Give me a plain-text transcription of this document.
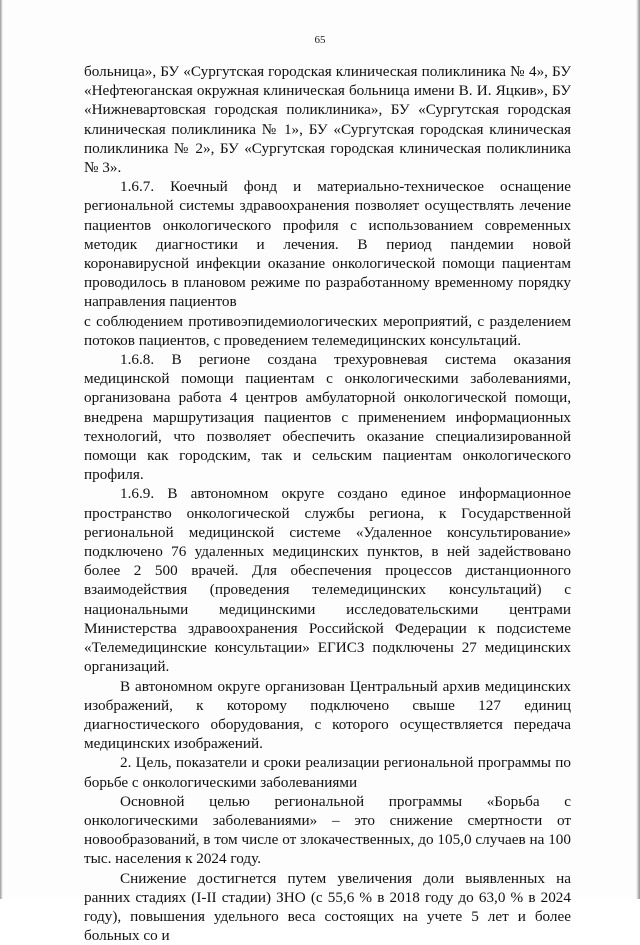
65

больница», БУ «Сургутская городская клиническая поликлиника № 4», БУ «Нефтеюганская окружная клиническая больница имени В. И. Яцкив», БУ «Нижневартовская городская поликлиника», БУ «Сургутская городская клиническая поликлиника № 1», БУ «Сургутская городская клиническая поликлиника № 2», БУ «Сургутская городская клиническая поликлиника № 3».

1.6.7. Коечный фонд и материально-техническое оснащение региональной системы здравоохранения позволяет осуществлять лечение пациентов онкологического профиля с использованием современных методик диагностики и лечения. В период пандемии новой коронавирусной инфекции оказание онкологической помощи пациентам проводилось в плановом режиме по разработанному временному порядку направления пациентов

с соблюдением противоэпидемиологических мероприятий, с разделением потоков пациентов, с проведением телемедицинских консультаций.

1.6.8. В регионе создана трехуровневая система оказания медицинской помощи пациентам с онкологическими заболеваниями, организована работа 4 центров амбулаторной онкологической помощи, внедрена маршрутизация пациентов с применением информационных технологий, что позволяет обеспечить оказание специализированной помощи как городским, так и сельским пациентам онкологического профиля.

1.6.9. В автономном округе создано единое информационное пространство онкологической службы региона, к Государственной региональной медицинской системе «Удаленное консультирование» подключено 76 удаленных медицинских пунктов, в ней задействовано более 2 500 врачей. Для обеспечения процессов дистанционного взаимодействия (проведения телемедицинских консультаций) с национальными медицинскими исследовательскими центрами Министерства здравоохранения Российской Федерации к подсистеме «Телемедицинские консультации» ЕГИСЗ подключены 27 медицинских организаций.

В автономном округе организован Центральный архив медицинских изображений, к которому подключено свыше 127 единиц диагностического оборудования, с которого осуществляется передача медицинских изображений.

2. Цель, показатели и сроки реализации региональной программы по борьбе с онкологическими заболеваниями

Основной целью региональной программы «Борьба с онкологическими заболеваниями» – это снижение смертности от новообразований, в том числе от злокачественных, до 105,0 случаев на 100 тыс. населения к 2024 году.

Снижение достигнется путем увеличения доли выявленных на ранних стадиях (I-II стадии) ЗНО (с 55,6 % в 2018 году до 63,0 % в 2024 году), повышения удельного веса состоящих на учете 5 лет и более больных со и
